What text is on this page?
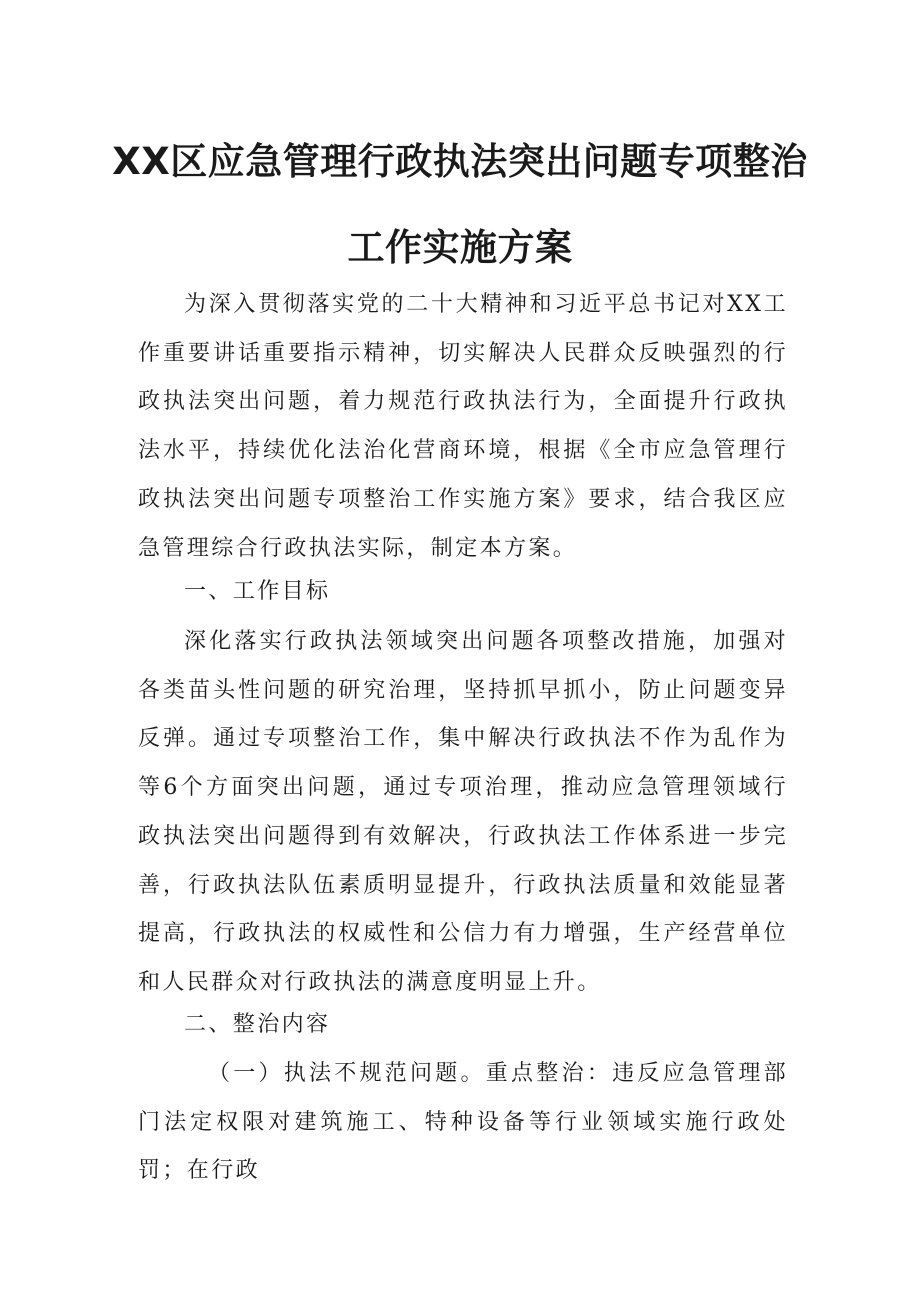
XX区应急管理行政执法突出问题专项整治
工作实施方案

为深入贯彻落实党的二十大精神和习近平总书记对XX工作重要讲话重要指示精神，切实解决人民群众反映强烈的行政执法突出问题，着力规范行政执法行为，全面提升行政执法水平，持续优化法治化营商环境，根据《全市应急管理行政执法突出问题专项整治工作实施方案》要求，结合我区应急管理综合行政执法实际，制定本方案。

一、工作目标

深化落实行政执法领域突出问题各项整改措施，加强对各类苗头性问题的研究治理，坚持抓早抓小，防止问题变异反弹。通过专项整治工作，集中解决行政执法不作为乱作为等6个方面突出问题，通过专项治理，推动应急管理领域行政执法突出问题得到有效解决，行政执法工作体系进一步完善，行政执法队伍素质明显提升，行政执法质量和效能显著提高，行政执法的权威性和公信力有力增强，生产经营单位和人民群众对行政执法的满意度明显上升。

二、整治内容

（一）执法不规范问题。重点整治：违反应急管理部门法定权限对建筑施工、特种设备等行业领域实施行政处罚；在行政
